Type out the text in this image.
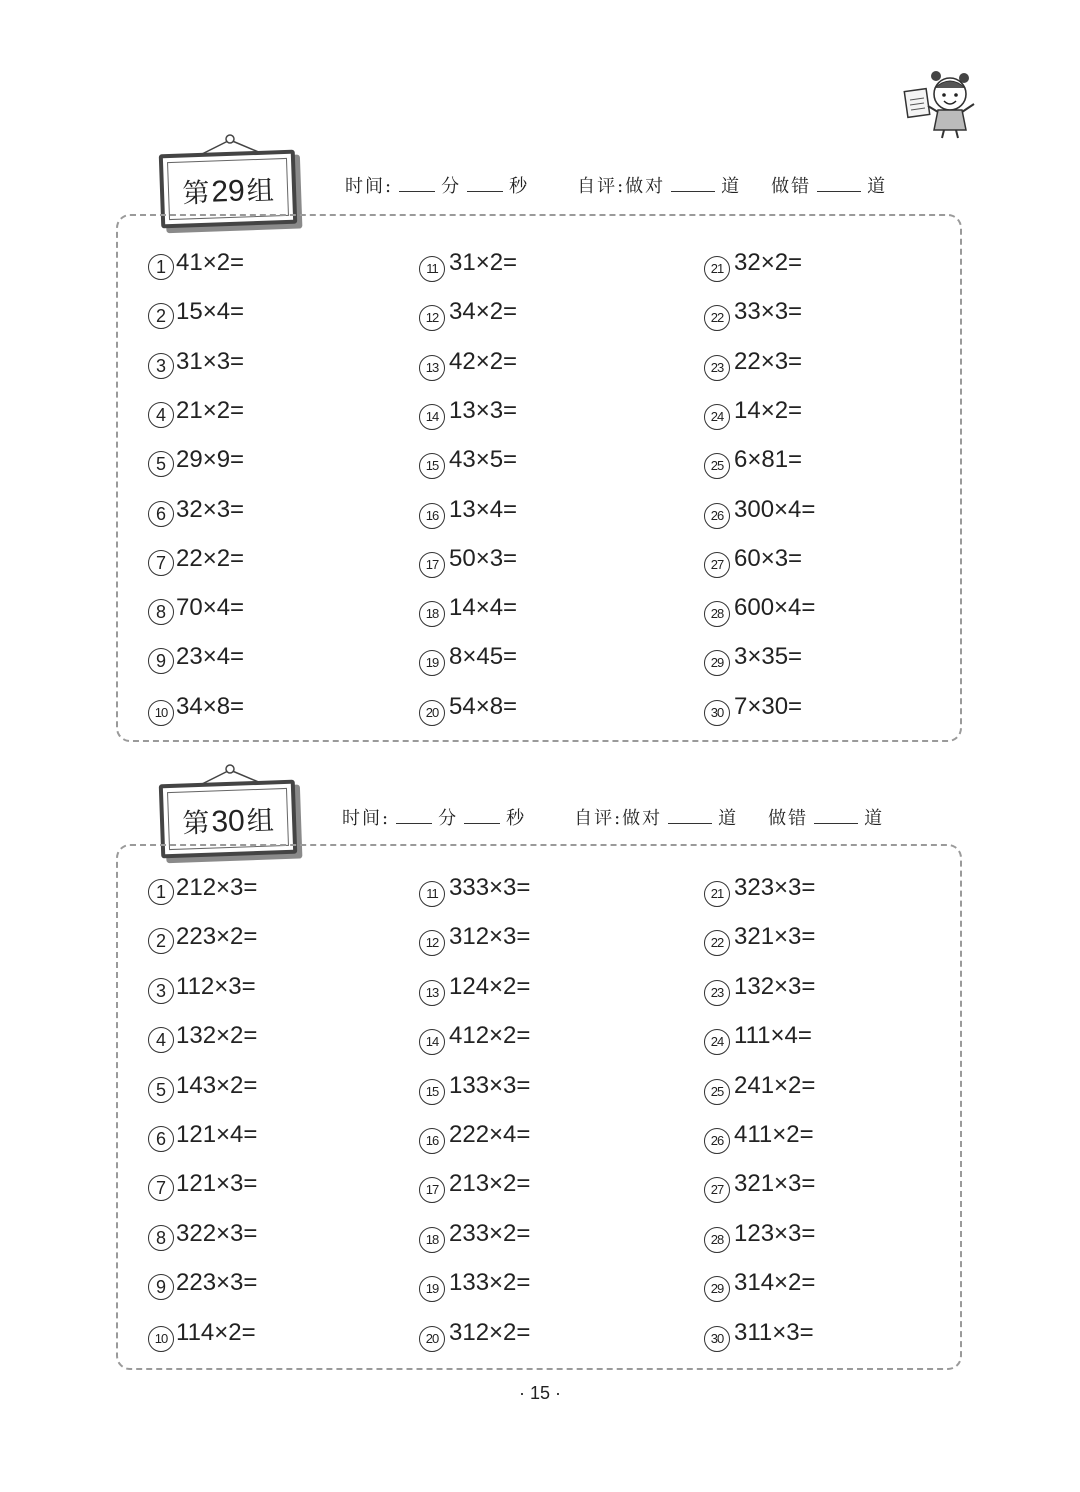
第29组	时间:	分	秒	自评:做对	道 做错	道
1 41×2=
2 15×4=
3 31×3=
4 21×2=
5 29×9=
6 32×3=
7 22×2=
8 70×4=
9 23×4=
10 34×8=
11 31×2=
12 34×2=
13 42×2=
14 13×3=
15 43×5=
16 13×4=
17 50×3=
18 14×4=
19 8×45=
20 54×8=
21 32×2=
22 33×3=
23 22×3=
24 14×2=
25 6×81=
26 300×4=
27 60×3=
28 600×4=
29 3×35=
30 7×30=
第30组	时间:	分	秒	自评:做对	道 做错	道
1 212×3=
2 223×2=
3 112×3=
4 132×2=
5 143×2=
6 121×4=
7 121×3=
8 322×3=
9 223×3=
10 114×2=
11 333×3=
12 312×3=
13 124×2=
14 412×2=
15 133×3=
16 222×4=
17 213×2=
18 233×2=
19 133×2=
20 312×2=
21 323×3=
22 321×3=
23 132×3=
24 111×4=
25 241×2=
26 411×2=
27 321×3=
28 123×3=
29 314×2=
30 311×3=
· 15 ·
